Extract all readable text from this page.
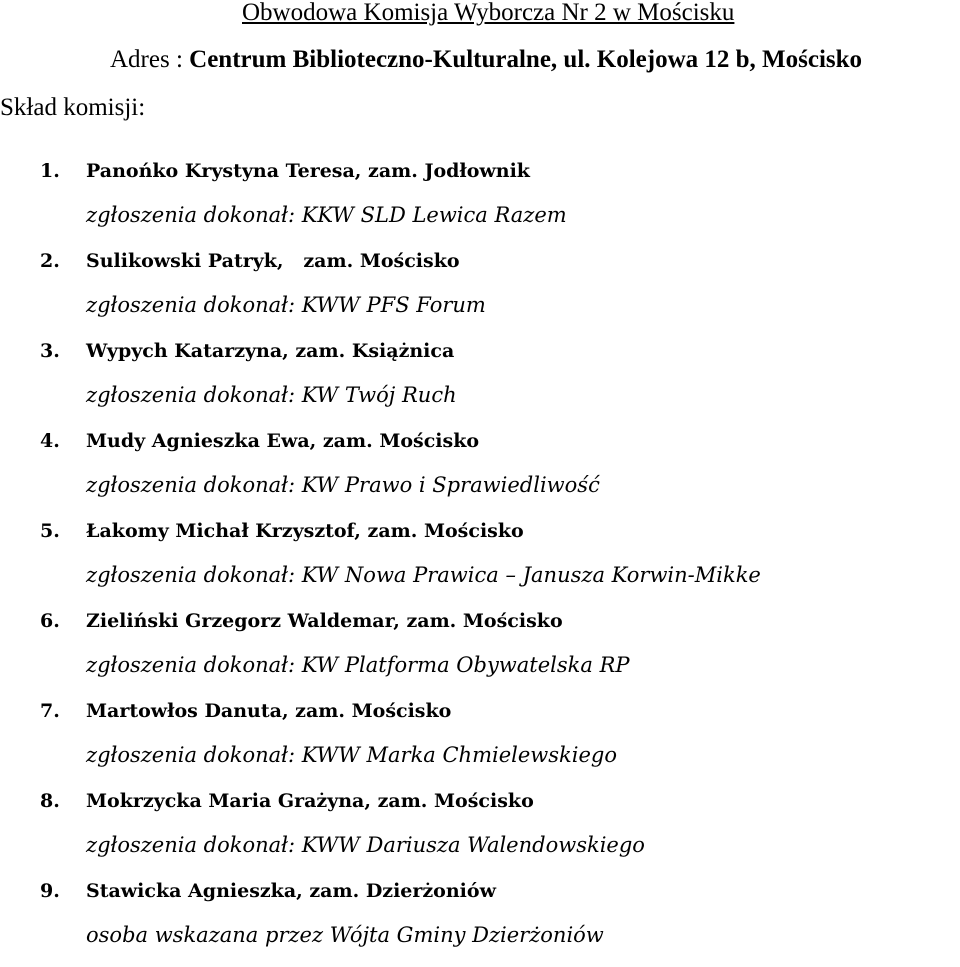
Obwodowa Komisja Wyborcza Nr 2 w Mościsku
Adres : Centrum Biblioteczno-Kulturalne, ul. Kolejowa 12 b, Mościsko
Skład komisji:
1.	Panońko Krystyna Teresa, zam. Jodłownik
zgłoszenia dokonał: KKW SLD Lewica Razem
2.	Sulikowski Patryk,   zam. Mościsko
zgłoszenia dokonał: KWW PFS Forum
3.	Wypych Katarzyna, zam. Książnica
zgłoszenia dokonał: KW Twój Ruch
4.	Mudy Agnieszka Ewa, zam. Mościsko
zgłoszenia dokonał: KW Prawo i Sprawiedliwość
5.	Łakomy Michał Krzysztof, zam. Mościsko
zgłoszenia dokonał: KW Nowa Prawica – Janusza Korwin-Mikke
6.	Zieliński Grzegorz Waldemar, zam. Mościsko
zgłoszenia dokonał: KW Platforma Obywatelska RP
7.	Martowłos Danuta, zam. Mościsko
zgłoszenia dokonał: KWW Marka Chmielewskiego
8.	Mokrzycka Maria Grażyna, zam. Mościsko
zgłoszenia dokonał: KWW Dariusza Walendowskiego
9.	Stawicka Agnieszka, zam. Dzierżoniów
osoba wskazana przez Wójta Gminy Dzierżoniów
